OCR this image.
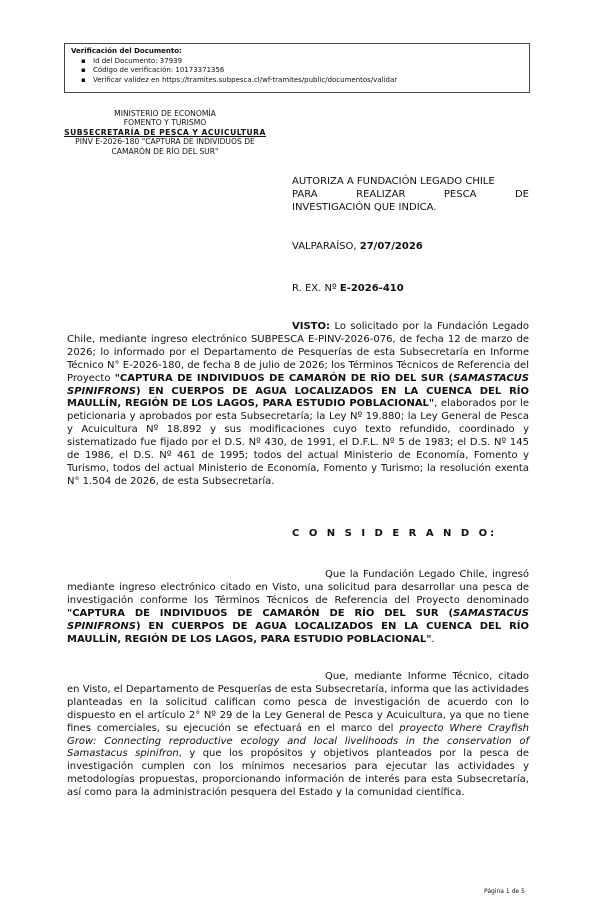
Verificación del Documento:
▪ Id del Documento: 37939
▪ Código de verificación: 10173371356
▪ Verificar validez en https://tramites.subpesca.cl/wf-tramites/public/documentos/validar
MINISTERIO DE ECONOMÍA
FOMENTO Y TURISMO
SUBSECRETARÍA DE PESCA Y ACUICULTURA
PINV E-2026-180 "CAPTURA DE INDIVIDUOS DE
CAMARÓN DE RÍO DEL SUR"
AUTORIZA A FUNDACIÓN LEGADO CHILE
PARA	REALIZAR	PESCA	DE
INVESTIGACIÓN QUE INDICA.
VALPARAÍSO, 27/07/2026
R. EX. Nº E-2026-410
VISTO: Lo solicitado por la Fundación Legado Chile, mediante ingreso electrónico SUBPESCA E-PINV-2026-076, de fecha 12 de marzo de 2026; lo informado por el Departamento de Pesquerías de esta Subsecretaría en Informe Técnico N° E-2026-180, de fecha 8 de julio de 2026; los Términos Técnicos de Referencia del Proyecto "CAPTURA DE INDIVIDUOS DE CAMARÓN DE RÍO DEL SUR (SAMASTACUS SPINIFRONS) EN CUERPOS DE AGUA LOCALIZADOS EN LA CUENCA DEL RÍO MAULLÍN, REGIÓN DE LOS LAGOS, PARA ESTUDIO POBLACIONAL", elaborados por le peticionaria y aprobados por esta Subsecretaría; la Ley Nº 19.880; la Ley General de Pesca y Acuicultura Nº 18.892 y sus modificaciones cuyo texto refundido, coordinado y sistematizado fue fijado por el D.S. Nº 430, de 1991, el D.F.L. Nº 5 de 1983; el D.S. Nº 145 de 1986, el D.S. Nº 461 de 1995; todos del actual Ministerio de Economía, Fomento y Turismo, todos del actual Ministerio de Economía, Fomento y Turismo; la resolución exenta N° 1.504 de 2026, de esta Subsecretaría.
C O N S I D E R A N D O:
Que la Fundación Legado Chile, ingresó mediante ingreso electrónico citado en Visto, una solicitud para desarrollar una pesca de investigación conforme los Términos Técnicos de Referencia del Proyecto denominado "CAPTURA DE INDIVIDUOS DE CAMARÓN DE RÍO DEL SUR (SAMASTACUS SPINIFRONS) EN CUERPOS DE AGUA LOCALIZADOS EN LA CUENCA DEL RÍO MAULLÍN, REGIÓN DE LOS LAGOS, PARA ESTUDIO POBLACIONAL".
Que, mediante Informe Técnico, citado en Visto, el Departamento de Pesquerías de esta Subsecretaría, informa que las actividades planteadas en la solicitud califican como pesca de investigación de acuerdo con lo dispuesto en el artículo 2° Nº 29 de la Ley General de Pesca y Acuicultura, ya que no tiene fines comerciales, su ejecución se efectuará en el marco del proyecto Where Crayfish Grow: Connecting reproductive ecology and local livelihoods in the conservation of Samastacus spinifron, y que los propósitos y objetivos planteados por la pesca de investigación cumplen con los mínimos necesarios para ejecutar las actividades y metodologías propuestas, proporcionando información de interés para esta Subsecretaría, así como para la administración pesquera del Estado y la comunidad científica.
Página 1 de 5
